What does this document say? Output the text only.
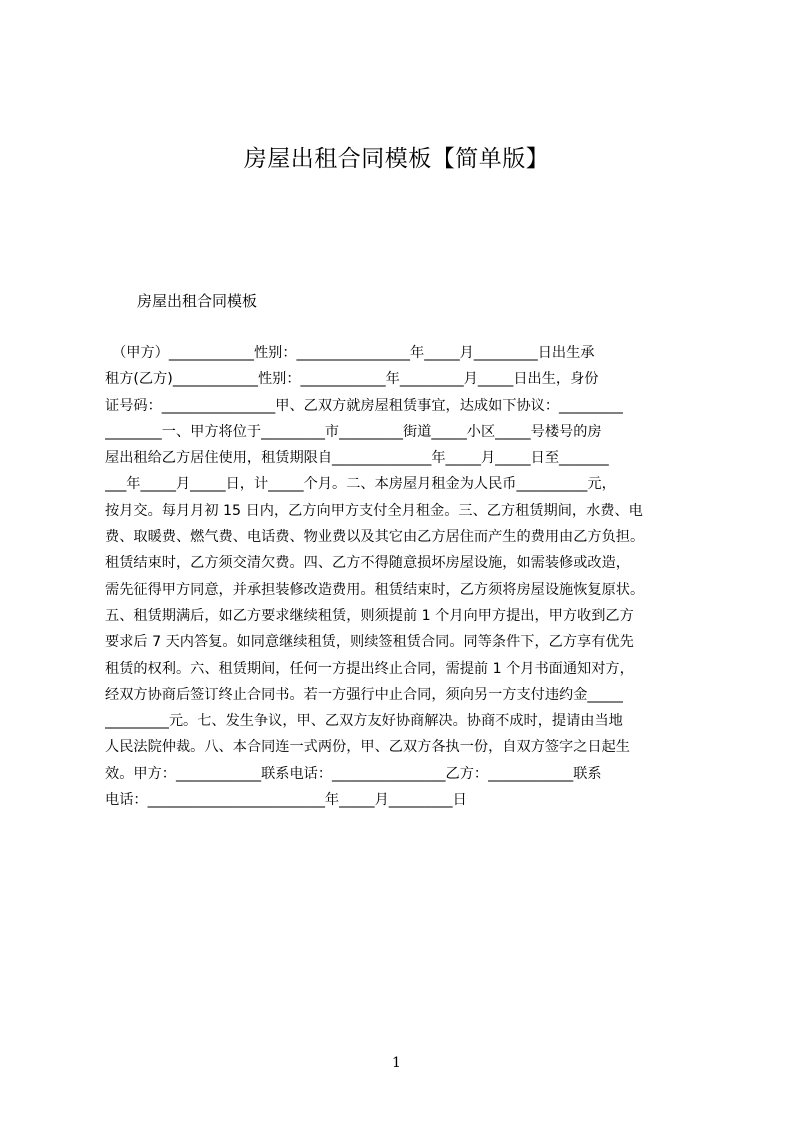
房屋出租合同模板【简单版】
房屋出租合同模板
　（甲方）____________性别：________________年_____月_________日出生承
租方(乙方)____________性别：____________年_________月_____日出生，身份
证号码：________________甲、乙双方就房屋租赁事宜，达成如下协议：_________
________一、甲方将位于_________市_________街道_____小区_____号楼号的房
屋出租给乙方居住使用，租赁期限自______________年_____月_____日至_______
___年_____月_____日，计_____个月。二、本房屋月租金为人民币__________元，
按月交。每月月初 15 日内，乙方向甲方支付全月租金。三、乙方租赁期间，水费、电
费、取暖费、燃气费、电话费、物业费以及其它由乙方居住而产生的费用由乙方负担。
租赁结束时，乙方须交清欠费。四、乙方不得随意损坏房屋设施，如需装修或改造，
需先征得甲方同意，并承担装修改造费用。租赁结束时，乙方须将房屋设施恢复原状。
五、租赁期满后，如乙方要求继续租赁，则须提前 1 个月向甲方提出，甲方收到乙方
要求后 7 天内答复。如同意继续租赁，则续签租赁合同。同等条件下，乙方享有优先
租赁的权利。六、租赁期间，任何一方提出终止合同，需提前 1 个月书面通知对方，
经双方协商后签订终止合同书。若一方强行中止合同，须向另一方支付违约金_____
_________元。七、发生争议，甲、乙双方友好协商解决。协商不成时，提请由当地
人民法院仲裁。八、本合同连一式两份，甲、乙双方各执一份，自双方签字之日起生
效。甲方：____________联系电话：________________乙方：____________联系
电话：_________________________年_____月_________日
1
